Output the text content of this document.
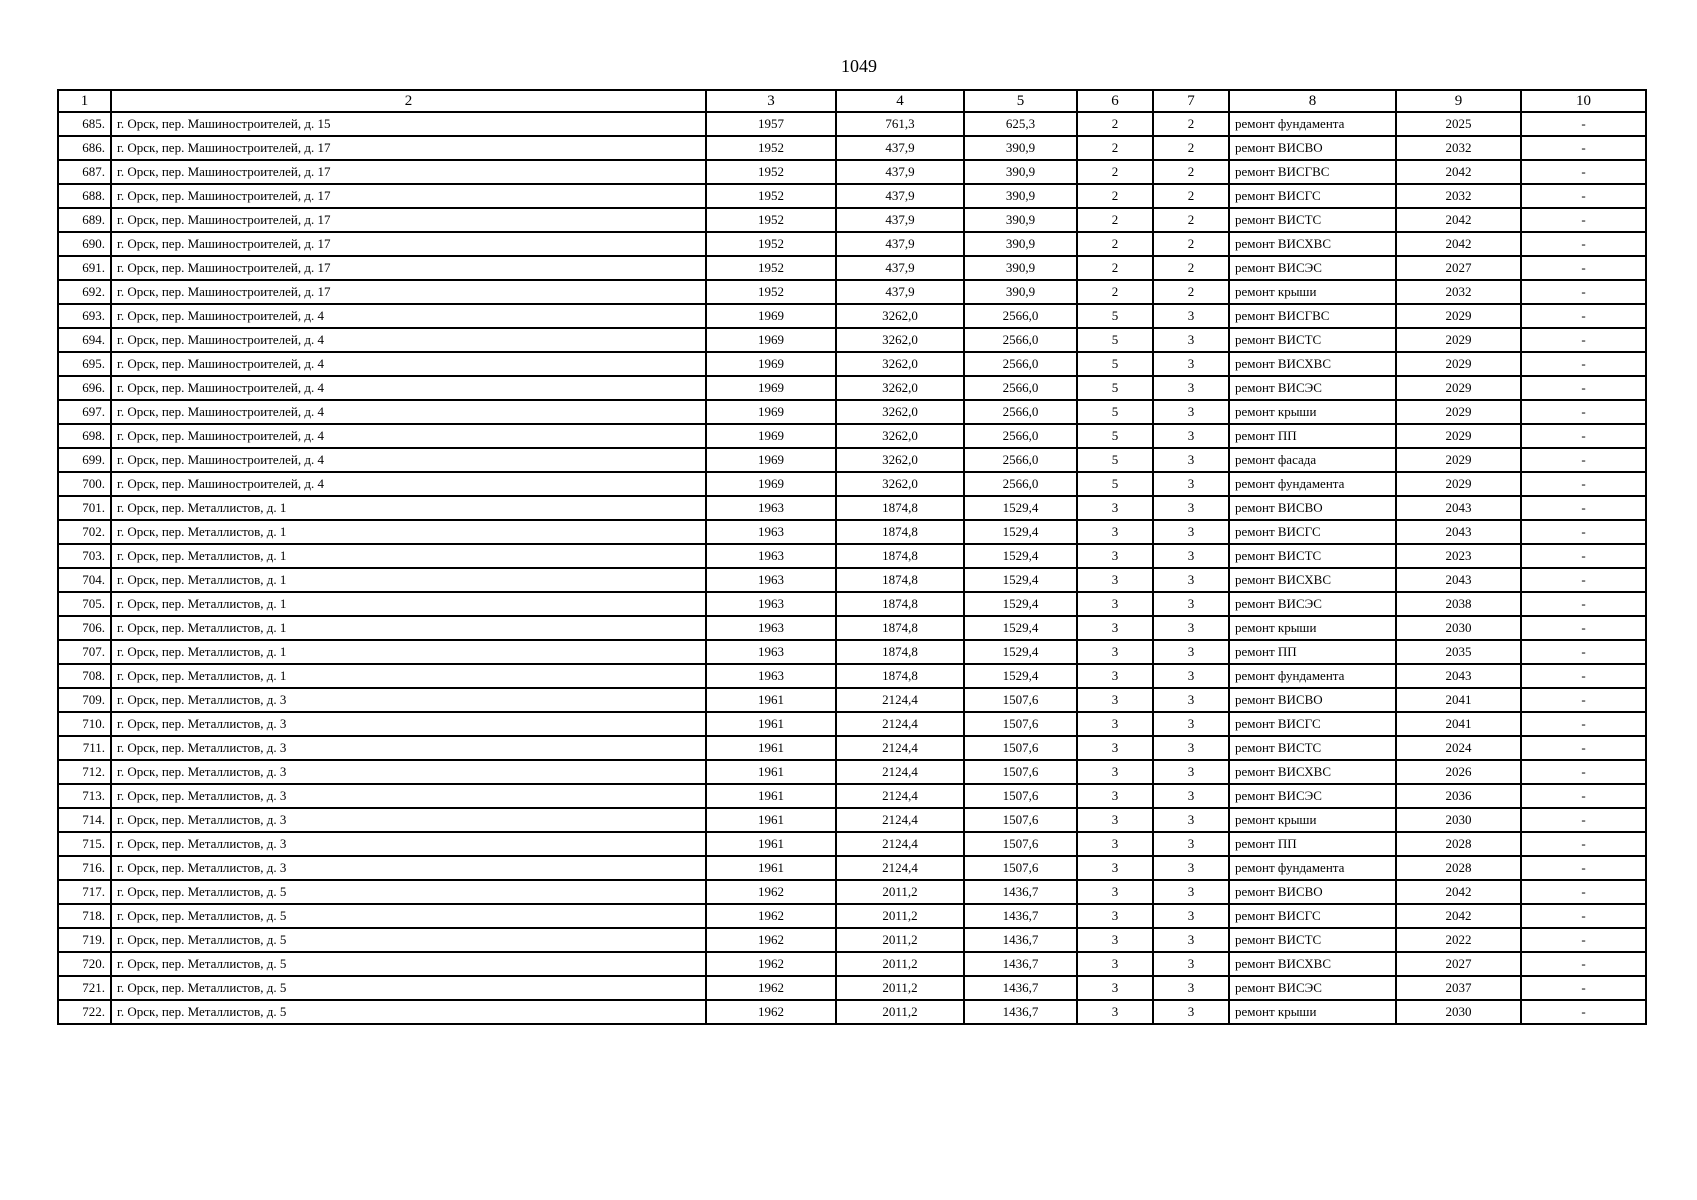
1049
1	2	3	4	5	6	7	8	9	10
685.	г. Орск, пер. Машиностроителей, д. 15	1957	761,3	625,3	2	2	ремонт фундамента	2025	-
686.	г. Орск, пер. Машиностроителей, д. 17	1952	437,9	390,9	2	2	ремонт ВИСВО	2032	-
687.	г. Орск, пер. Машиностроителей, д. 17	1952	437,9	390,9	2	2	ремонт ВИСГВС	2042	-
688.	г. Орск, пер. Машиностроителей, д. 17	1952	437,9	390,9	2	2	ремонт ВИСГС	2032	-
689.	г. Орск, пер. Машиностроителей, д. 17	1952	437,9	390,9	2	2	ремонт ВИСТС	2042	-
690.	г. Орск, пер. Машиностроителей, д. 17	1952	437,9	390,9	2	2	ремонт ВИСХВС	2042	-
691.	г. Орск, пер. Машиностроителей, д. 17	1952	437,9	390,9	2	2	ремонт ВИСЭС	2027	-
692.	г. Орск, пер. Машиностроителей, д. 17	1952	437,9	390,9	2	2	ремонт крыши	2032	-
693.	г. Орск, пер. Машиностроителей, д. 4	1969	3262,0	2566,0	5	3	ремонт ВИСГВС	2029	-
694.	г. Орск, пер. Машиностроителей, д. 4	1969	3262,0	2566,0	5	3	ремонт ВИСТС	2029	-
695.	г. Орск, пер. Машиностроителей, д. 4	1969	3262,0	2566,0	5	3	ремонт ВИСХВС	2029	-
696.	г. Орск, пер. Машиностроителей, д. 4	1969	3262,0	2566,0	5	3	ремонт ВИСЭС	2029	-
697.	г. Орск, пер. Машиностроителей, д. 4	1969	3262,0	2566,0	5	3	ремонт крыши	2029	-
698.	г. Орск, пер. Машиностроителей, д. 4	1969	3262,0	2566,0	5	3	ремонт ПП	2029	-
699.	г. Орск, пер. Машиностроителей, д. 4	1969	3262,0	2566,0	5	3	ремонт фасада	2029	-
700.	г. Орск, пер. Машиностроителей, д. 4	1969	3262,0	2566,0	5	3	ремонт фундамента	2029	-
701.	г. Орск, пер. Металлистов, д. 1	1963	1874,8	1529,4	3	3	ремонт ВИСВО	2043	-
702.	г. Орск, пер. Металлистов, д. 1	1963	1874,8	1529,4	3	3	ремонт ВИСГС	2043	-
703.	г. Орск, пер. Металлистов, д. 1	1963	1874,8	1529,4	3	3	ремонт ВИСТС	2023	-
704.	г. Орск, пер. Металлистов, д. 1	1963	1874,8	1529,4	3	3	ремонт ВИСХВС	2043	-
705.	г. Орск, пер. Металлистов, д. 1	1963	1874,8	1529,4	3	3	ремонт ВИСЭС	2038	-
706.	г. Орск, пер. Металлистов, д. 1	1963	1874,8	1529,4	3	3	ремонт крыши	2030	-
707.	г. Орск, пер. Металлистов, д. 1	1963	1874,8	1529,4	3	3	ремонт ПП	2035	-
708.	г. Орск, пер. Металлистов, д. 1	1963	1874,8	1529,4	3	3	ремонт фундамента	2043	-
709.	г. Орск, пер. Металлистов, д. 3	1961	2124,4	1507,6	3	3	ремонт ВИСВО	2041	-
710.	г. Орск, пер. Металлистов, д. 3	1961	2124,4	1507,6	3	3	ремонт ВИСГС	2041	-
711.	г. Орск, пер. Металлистов, д. 3	1961	2124,4	1507,6	3	3	ремонт ВИСТС	2024	-
712.	г. Орск, пер. Металлистов, д. 3	1961	2124,4	1507,6	3	3	ремонт ВИСХВС	2026	-
713.	г. Орск, пер. Металлистов, д. 3	1961	2124,4	1507,6	3	3	ремонт ВИСЭС	2036	-
714.	г. Орск, пер. Металлистов, д. 3	1961	2124,4	1507,6	3	3	ремонт крыши	2030	-
715.	г. Орск, пер. Металлистов, д. 3	1961	2124,4	1507,6	3	3	ремонт ПП	2028	-
716.	г. Орск, пер. Металлистов, д. 3	1961	2124,4	1507,6	3	3	ремонт фундамента	2028	-
717.	г. Орск, пер. Металлистов, д. 5	1962	2011,2	1436,7	3	3	ремонт ВИСВО	2042	-
718.	г. Орск, пер. Металлистов, д. 5	1962	2011,2	1436,7	3	3	ремонт ВИСГС	2042	-
719.	г. Орск, пер. Металлистов, д. 5	1962	2011,2	1436,7	3	3	ремонт ВИСТС	2022	-
720.	г. Орск, пер. Металлистов, д. 5	1962	2011,2	1436,7	3	3	ремонт ВИСХВС	2027	-
721.	г. Орск, пер. Металлистов, д. 5	1962	2011,2	1436,7	3	3	ремонт ВИСЭС	2037	-
722.	г. Орск, пер. Металлистов, д. 5	1962	2011,2	1436,7	3	3	ремонт крыши	2030	-
